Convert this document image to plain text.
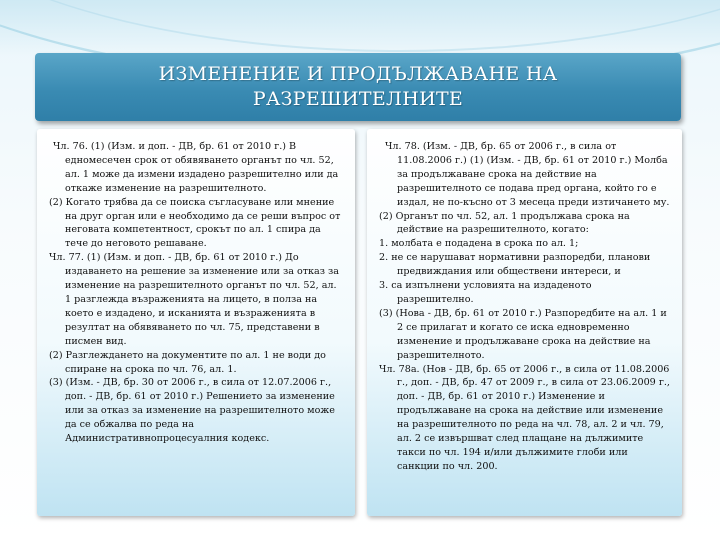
ИЗМЕНЕНИЕ И ПРОДЪЛЖАВАНЕ НА РАЗРЕШИТЕЛНИТЕ

Чл. 76. (1) (Изм. и доп. - ДВ, бр. 61 от 2010 г.) В едномесечен срок от обявяването органът по чл. 52, ал. 1 може да измени издадено разрешително или да откаже изменение на разрешителното.

(2) Когато трябва да се поиска съгласуване или мнение на друг орган или е необходимо да се реши въпрос от неговата компетентност, срокът по ал. 1 спира да тече до неговото решаване.

Чл. 77. (1) (Изм. и доп. - ДВ, бр. 61 от 2010 г.) До издаването на решение за изменение или за отказ за изменение на разрешителното органът по чл. 52, ал. 1 разглежда възраженията на лицето, в полза на което е издадено, и исканията и възраженията в резултат на обявяването по чл. 75, представени в писмен вид.

(2) Разглеждането на документите по ал. 1 не води до спиране на срока по чл. 76, ал. 1.

(3) (Изм. - ДВ, бр. 30 от 2006 г., в сила от 12.07.2006 г., доп. - ДВ, бр. 61 от 2010 г.) Решението за изменение или за отказ за изменение на разрешителното може да се обжалва по реда на Административнопроцесуалния кодекс.

Чл. 78. (Изм. - ДВ, бр. 65 от 2006 г., в сила от 11.08.2006 г.) (1) (Изм. - ДВ, бр. 61 от 2010 г.) Молба за продължаване срока на действие на разрешителното се подава пред органа, който го е издал, не по-късно от 3 месеца преди изтичането му.

(2) Органът по чл. 52, ал. 1 продължава срока на действие на разрешителното, когато:

1. молбата е подадена в срока по ал. 1;

2. не се нарушават нормативни разпоредби, планови предвиждания или обществени интереси, и

3. са изпълнени условията на издаденото разрешително.

(3) (Нова - ДВ, бр. 61 от 2010 г.) Разпоредбите на ал. 1 и 2 се прилагат и когато се иска едновременно изменение и продължаване срока на действие на разрешителното.

Чл. 78а. (Нов - ДВ, бр. 65 от 2006 г., в сила от 11.08.2006 г., доп. - ДВ, бр. 47 от 2009 г., в сила от 23.06.2009 г., доп. - ДВ, бр. 61 от 2010 г.) Изменение и продължаване на срока на действие или изменение на разрешителното по реда на чл. 78, ал. 2 и чл. 79, ал. 2 се извършват след плащане на дължимите такси по чл. 194 и/или дължимите глоби или санкции по чл. 200.
